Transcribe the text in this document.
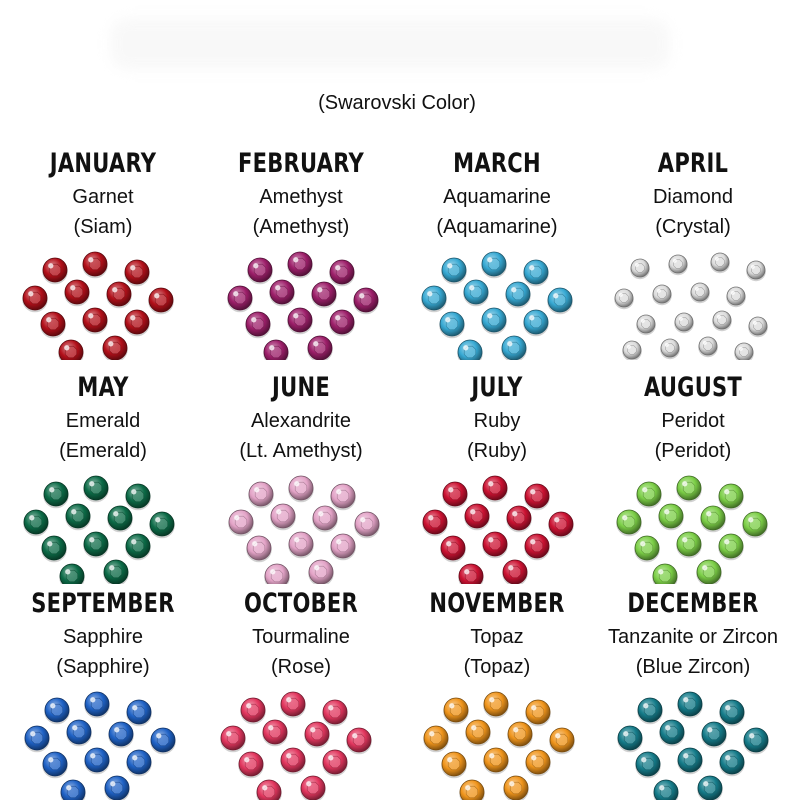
(Swarovski Color)
JANUARY
Garnet
(Siam)
FEBRUARY
Amethyst
(Amethyst)
MARCH
Aquamarine
(Aquamarine)
APRIL
Diamond
(Crystal)
MAY
Emerald
(Emerald)
JUNE
Alexandrite
(Lt. Amethyst)
JULY
Ruby
(Ruby)
AUGUST
Peridot
(Peridot)
SEPTEMBER
Sapphire
(Sapphire)
OCTOBER
Tourmaline
(Rose)
NOVEMBER
Topaz
(Topaz)
DECEMBER
Tanzanite or Zircon
(Blue Zircon)
